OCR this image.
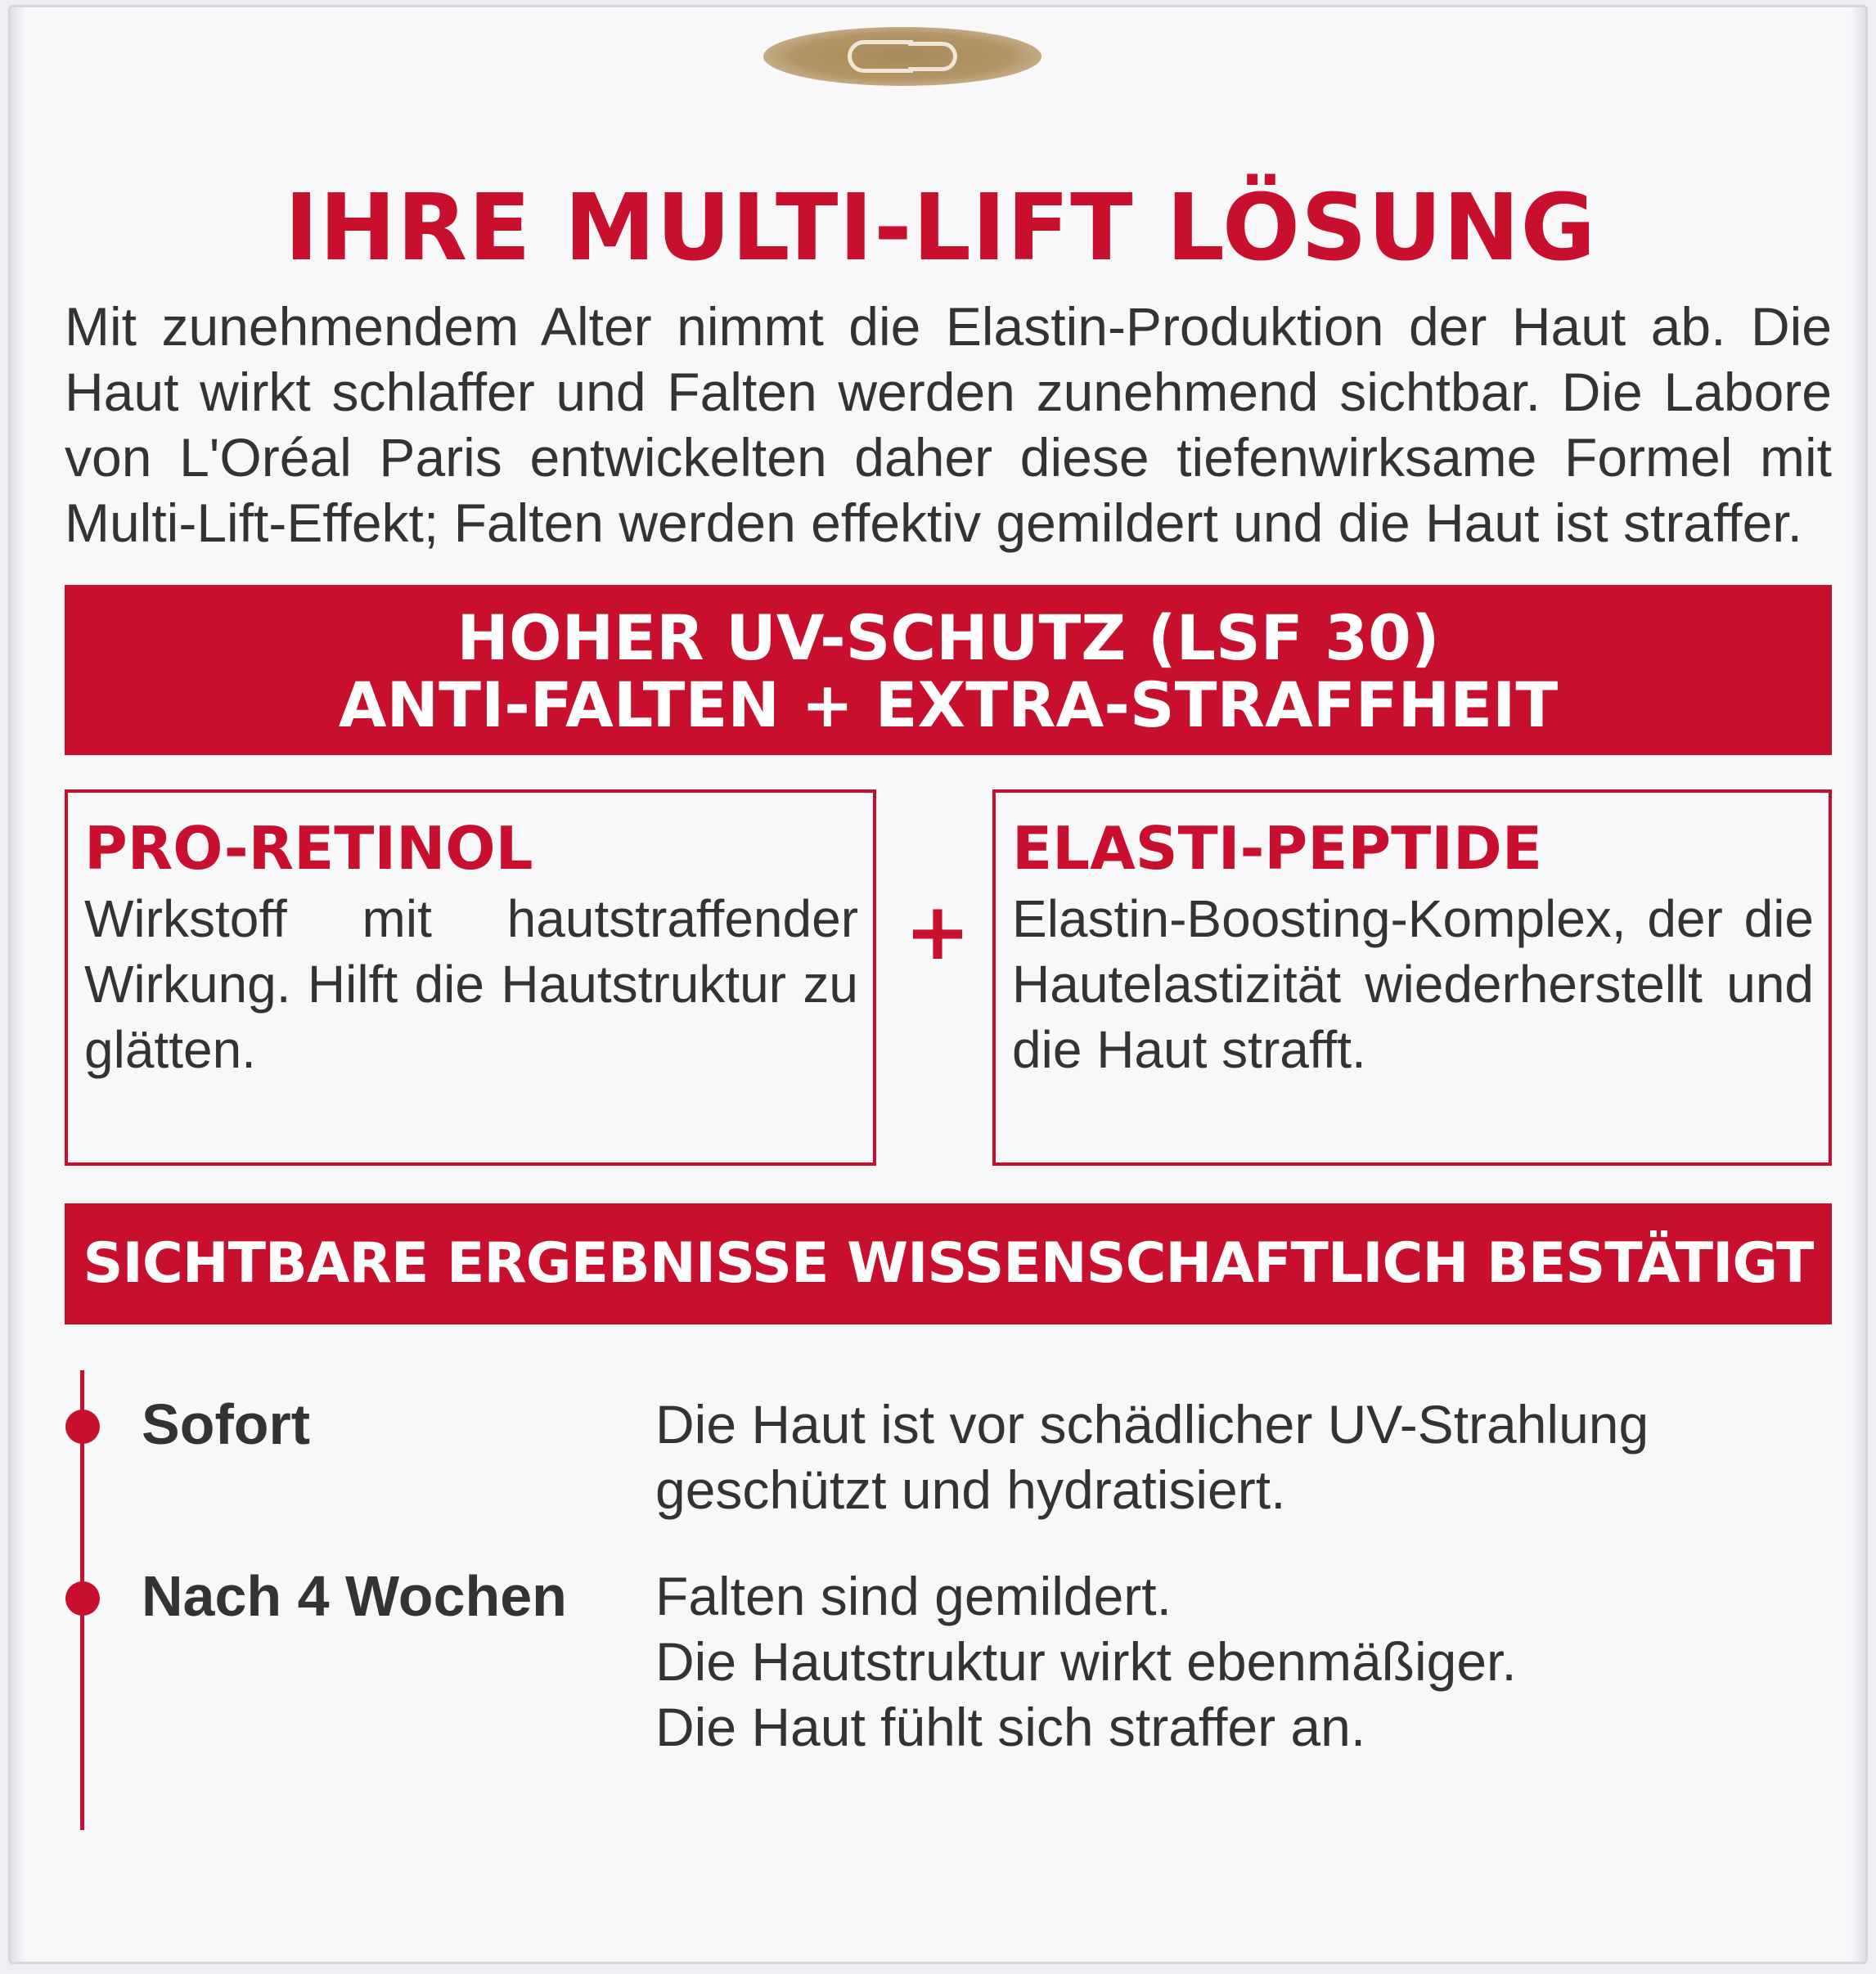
IHRE MULTI-LIFT LÖSUNG

Mit zunehmendem Alter nimmt die Elastin-Produktion der Haut ab. Die Haut wirkt schlaffer und Falten werden zunehmend sichtbar. Die Labore von L'Oréal Paris entwickelten daher diese tiefenwirksame Formel mit Multi-Lift-Effekt; Falten werden effektiv gemildert und die Haut ist straffer.

HOHER UV-SCHUTZ (LSF 30)
ANTI-FALTEN + EXTRA-STRAFFHEIT
PRO-RETINOL

Wirkstoff mit hautstraffender Wirkung. Hilft die Hautstruktur zu glätten.

+
ELASTI-PEPTIDE

Elastin-Boosting-Komplex, der die Hautelastizität wiederherstellt und die Haut strafft.

SICHTBARE ERGEBNISSE WISSENSCHAFTLICH BESTÄTIGT
Sofort	Die Haut ist vor schädlicher UV-Strahlung
geschützt und hydratisiert.
Nach 4 Wochen Falten sind gemildert.
Die Hautstruktur wirkt ebenmäßiger.
Die Haut fühlt sich straffer an.
